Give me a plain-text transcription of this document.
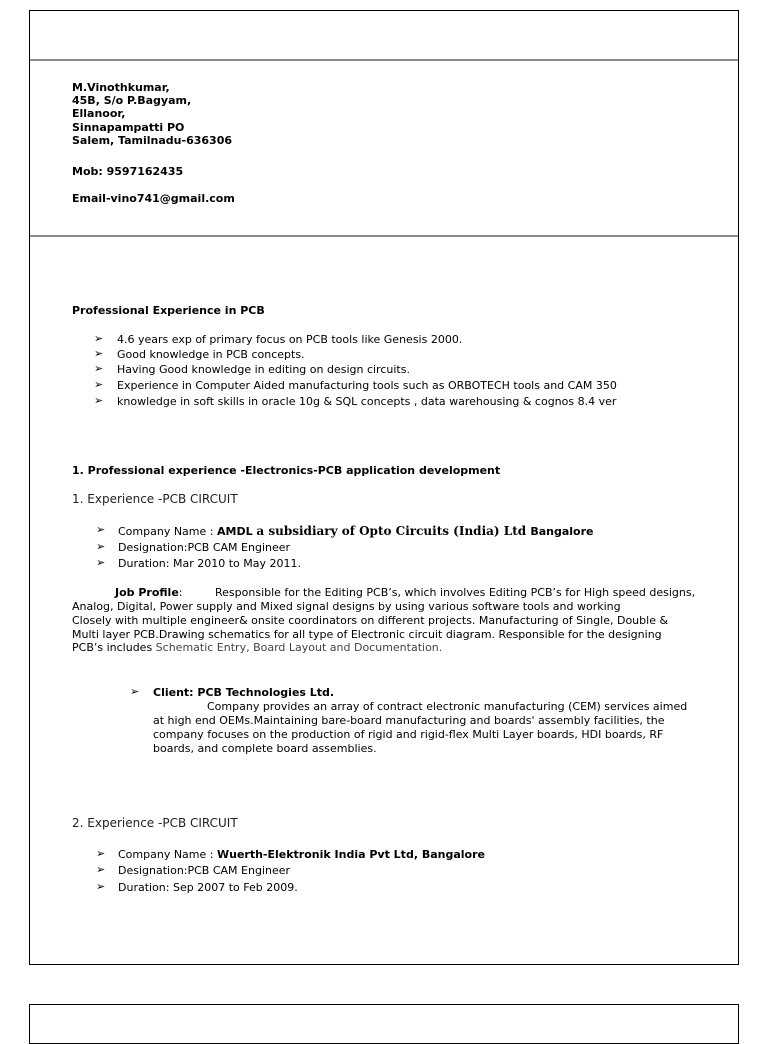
M.Vinothkumar,
45B, S/o P.Bagyam,
Ellanoor,
Sinnapampatti PO
Salem, Tamilnadu-636306
Mob: 9597162435
Email-vino741@gmail.com
Professional Experience in PCB
➢	4.6 years exp of primary focus on PCB tools like Genesis 2000.
➢	Good knowledge in PCB concepts.
➢	Having Good knowledge in editing on design circuits.
➢	Experience in Computer Aided manufacturing tools such as ORBOTECH tools and CAM 350
➢	knowledge in soft skills in oracle 10g & SQL concepts , data warehousing & cognos 8.4 ver
1. Professional experience -Electronics-PCB application development
1. Experience -PCB CIRCUIT
➢	Company Name : AMDL a subsidiary of Opto Circuits (India) Ltd Bangalore
➢	Designation:PCB CAM Engineer
➢	Duration: Mar 2010 to May 2011.
Job Profile:	Responsible for the Editing PCB’s, which involves Editing PCB’s for High speed designs,
Analog, Digital, Power supply and Mixed signal designs by using various software tools and working
Closely with multiple engineer& onsite coordinators on different projects. Manufacturing of Single, Double &
Multi layer PCB.Drawing schematics for all type of Electronic circuit diagram. Responsible for the designing
PCB’s includes Schematic Entry, Board Layout and Documentation.
➢	Client: PCB Technologies Ltd.
Company provides an array of contract electronic manufacturing (CEM) services aimed
at high end OEMs.Maintaining bare-board manufacturing and boards' assembly facilities, the
company focuses on the production of rigid and rigid-flex Multi Layer boards, HDI boards, RF
boards, and complete board assemblies.
2. Experience -PCB CIRCUIT
➢	Company Name : Wuerth-Elektronik India Pvt Ltd, Bangalore
➢	Designation:PCB CAM Engineer
➢	Duration: Sep 2007 to Feb 2009.
